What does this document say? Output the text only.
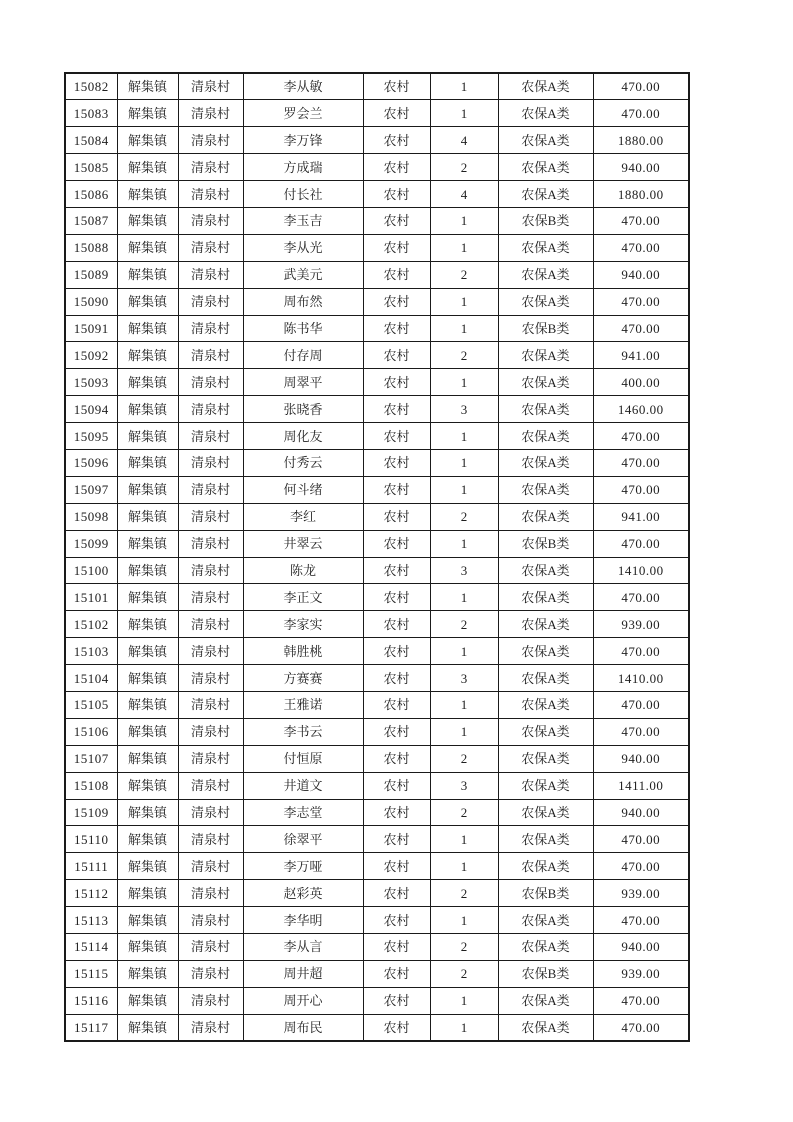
15082	解集镇	清泉村	李从敏	农村	1	农保A类	470.00
15083	解集镇	清泉村	罗会兰	农村	1	农保A类	470.00
15084	解集镇	清泉村	李万锋	农村	4	农保A类	1880.00
15085	解集镇	清泉村	方成瑞	农村	2	农保A类	940.00
15086	解集镇	清泉村	付长社	农村	4	农保A类	1880.00
15087	解集镇	清泉村	李玉吉	农村	1	农保B类	470.00
15088	解集镇	清泉村	李从光	农村	1	农保A类	470.00
15089	解集镇	清泉村	武美元	农村	2	农保A类	940.00
15090	解集镇	清泉村	周布然	农村	1	农保A类	470.00
15091	解集镇	清泉村	陈书华	农村	1	农保B类	470.00
15092	解集镇	清泉村	付存周	农村	2	农保A类	941.00
15093	解集镇	清泉村	周翠平	农村	1	农保A类	400.00
15094	解集镇	清泉村	张晓香	农村	3	农保A类	1460.00
15095	解集镇	清泉村	周化友	农村	1	农保A类	470.00
15096	解集镇	清泉村	付秀云	农村	1	农保A类	470.00
15097	解集镇	清泉村	何斗绪	农村	1	农保A类	470.00
15098	解集镇	清泉村	李红	农村	2	农保A类	941.00
15099	解集镇	清泉村	井翠云	农村	1	农保B类	470.00
15100	解集镇	清泉村	陈龙	农村	3	农保A类	1410.00
15101	解集镇	清泉村	李正文	农村	1	农保A类	470.00
15102	解集镇	清泉村	李家实	农村	2	农保A类	939.00
15103	解集镇	清泉村	韩胜桃	农村	1	农保A类	470.00
15104	解集镇	清泉村	方赛赛	农村	3	农保A类	1410.00
15105	解集镇	清泉村	王雅诺	农村	1	农保A类	470.00
15106	解集镇	清泉村	李书云	农村	1	农保A类	470.00
15107	解集镇	清泉村	付恒原	农村	2	农保A类	940.00
15108	解集镇	清泉村	井道文	农村	3	农保A类	1411.00
15109	解集镇	清泉村	李志堂	农村	2	农保A类	940.00
15110	解集镇	清泉村	徐翠平	农村	1	农保A类	470.00
15111	解集镇	清泉村	李万哑	农村	1	农保A类	470.00
15112	解集镇	清泉村	赵彩英	农村	2	农保B类	939.00
15113	解集镇	清泉村	李华明	农村	1	农保A类	470.00
15114	解集镇	清泉村	李从言	农村	2	农保A类	940.00
15115	解集镇	清泉村	周井超	农村	2	农保B类	939.00
15116	解集镇	清泉村	周开心	农村	1	农保A类	470.00
15117	解集镇	清泉村	周布民	农村	1	农保A类	470.00
